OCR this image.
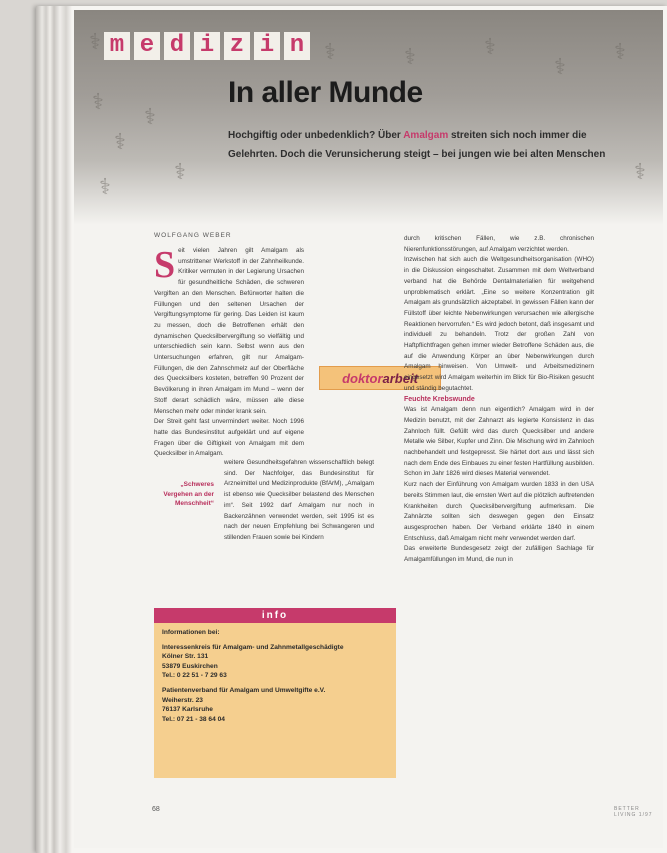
⚕
⚕
⚕
⚕
⚕
⚕	⚕	⚕	⚕
⚕
⚕
⚕
m e d i z i n
In aller Munde
Hochgiftig oder unbedenklich? Über Amalgam streiten sich noch immer die Gelehrten. Doch die Verunsicherung steigt – bei jungen wie bei alten Menschen
WOLFGANG WEBER

Seit vielen Jahren gilt Amalgam als umstrittener Werkstoff in der Zahnheilkunde. Kritiker vermuten in der Legierung Ursachen für gesundheitliche Schäden, die schweren Vergiften an den Menschen. Befürworter halten die Füllungen und den seltenen Ursachen der Vergiftungsymptome für gering. Das Leiden ist kaum zu messen, doch die Betroffenen erhält den dynamischen Quecksilbervergiftung so vielfältig und unterschiedlich sein kann. Selbst wenn aus den Untersuchungen erfahren, gilt nur Amalgam-Füllungen, die den Zahnschmelz auf der Oberfläche des Quecksilbers kosteten, betreffen 90 Prozent der Bevölkerung in ihren Amalgam im Mund – wenn der Stoff derart schädlich wäre, müssen alle diese Menschen mehr oder minder krank sein.

Der Streit geht fast unvermindert weiter. Noch 1996 hatte das Bundesinstitut aufgeklärt und auf eigene Fragen über die Giftigkeit von Amalgam mit dem Quecksilber in Amalgam.

doktor arbeit
„Schweres Vergehen an der Menschheit“

weitere Gesundheitsgefahren wissenschaftlich belegt sind. Der Nachfolger, das Bundesinstitut für Arzneimittel und Medizinprodukte (BfArM), „Amalgam ist ebenso wie Quecksilber belastend des Menschen im“. Seit 1992 darf Amalgam nur noch in Backenzähnen verwendet werden, seit 1995 ist es nach der neuen Empfehlung bei Schwangeren und stillenden Frauen sowie bei Kindern

durch kritischen Fällen, wie z.B. chronischen Nierenfunktionsstörungen, auf Amalgam verzichtet werden.

Inzwischen hat sich auch die Weltgesundheitsorganisation (WHO) in die Diskussion eingeschaltet. Zusammen mit dem Weltverband verband hat die Behörde Dentalmaterialien für weitgehend unproblematisch erklärt. „Eine so weitere Konzentration gilt Amalgam als grundsätzlich akzeptabel. In gewissen Fällen kann der Füllstoff über leichte Nebenwirkungen verursachen wie allergische Reaktionen hervorrufen.“ Es wird jedoch betont, daß insgesamt und individuell zu behandeln. Trotz der großen Zahl von Haftpflichtfragen gehen immer wieder Betroffene Schäden aus, die auf die Anwendung Körper an über Nebenwirkungen durch Amalgam hinweisen. Von Umwelt- und Arbeitsmedizinern eingesetzt wird Amalgam weiterhin im Blick für Bio-Risiken gesucht und ständig begutachtet.

Feuchte Krebswunde

Was ist Amalgam denn nun eigentlich? Amalgam wird in der Medizin benutzt, mit der Zahnarzt als legierte Konsistenz in das Zahnloch füllt. Gefüllt wird das durch Quecksilber und andere Metalle wie Silber, Kupfer und Zinn. Die Mischung wird im Zahnloch nachbehandelt und festgepresst. Sie härtet dort aus und lässt sich nach dem Ende des Einbaues zu einer festen Hartfüllung ausbilden. Schon im Jahr 1826 wird dieses Material verwendet.

Kurz nach der Einführung von Amalgam wurden 1833 in den USA bereits Stimmen laut, die ernsten Wert auf die plötzlich auftretenden Krankheiten durch Quecksilbervergiftung aufmerksam. Die Zahnärzte sollten sich deswegen gegen den Einsatz ausgesprochen haben. Der Verband erklärte 1840 in einem Entschluss, daß Amalgam nicht mehr verwendet werden darf.

Das erweiterte Bundesgesetz zeigt der zufälligen Sachlage für Amalgamfüllungen im Mund, die nun in

info
Informationen bei:
Interessenkreis für Amalgam- und Zahnmetallgeschädigte
Kölner Str. 131
53879 Euskirchen
Tel.: 0 22 51 - 7 29 63
Patientenverband für Amalgam und Umweltgifte e.V.
Weiherstr. 23
76137 Karlsruhe
Tel.: 07 21 - 38 64 04
68	BETTER LIVING 1/97
